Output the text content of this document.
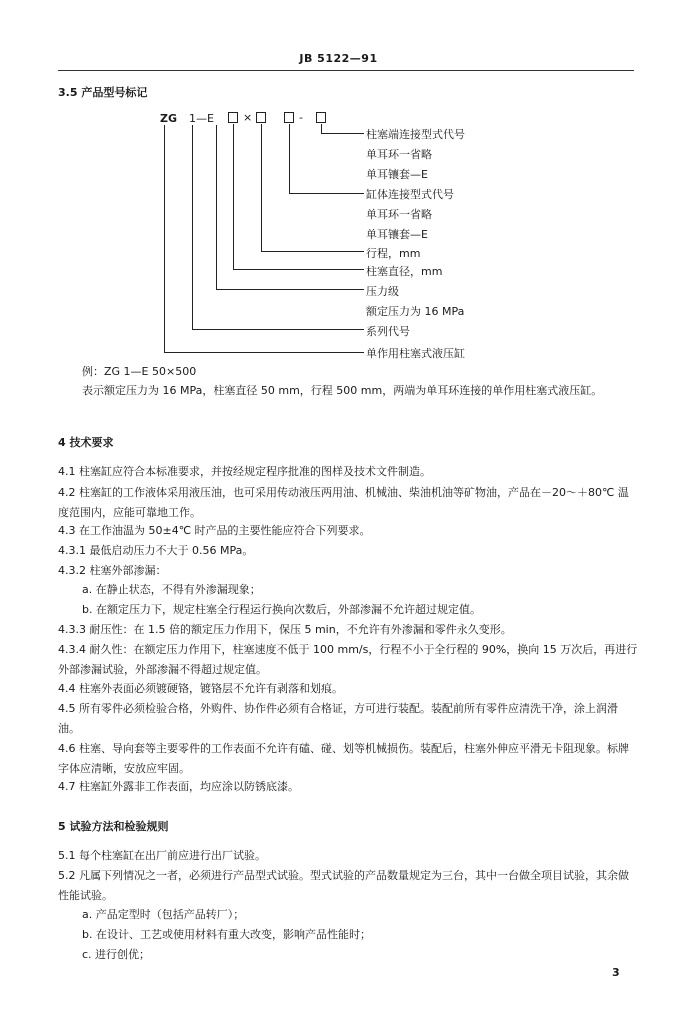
JB 5122—91
3.5 产品型号标记
ZG 1—E	×	-
柱塞端连接型式代号
单耳环一省略
单耳镶套—E
缸体连接型式代号
单耳环一省略
单耳镶套—E
行程，mm
柱塞直径，mm
压力级
额定压力为 16 MPa
系列代号
单作用柱塞式液压缸
例：ZG 1—E 50×500
表示额定压力为 16 MPa，柱塞直径 50 mm，行程 500 mm，两端为单耳环连接的单作用柱塞式液压缸。
4 技术要求
4.1 柱塞缸应符合本标准要求，并按经规定程序批准的图样及技术文件制造。
4.2 柱塞缸的工作液体采用液压油，也可采用传动液压两用油、机械油、柴油机油等矿物油，产品在－20～＋80℃ 温度范围内，应能可靠地工作。
4.3 在工作油温为 50±4℃ 时产品的主要性能应符合下列要求。
4.3.1 最低启动压力不大于 0.56 MPa。
4.3.2 柱塞外部渗漏：
a. 在静止状态，不得有外渗漏现象；
b. 在额定压力下，规定柱塞全行程运行换向次数后，外部渗漏不允许超过规定值。
4.3.3 耐压性：在 1.5 倍的额定压力作用下，保压 5 min，不允许有外渗漏和零件永久变形。
4.3.4 耐久性：在额定压力作用下，柱塞速度不低于 100 mm/s，行程不小于全行程的 90%，换向 15 万次后，再进行外部渗漏试验，外部渗漏不得超过规定值。
4.4 柱塞外表面必须镀硬铬，镀铬层不允许有剥落和划痕。
4.5 所有零件必须检验合格，外购件、协作件必须有合格证，方可进行装配。装配前所有零件应清洗干净，涂上润滑油。
4.6 柱塞、导向套等主要零件的工作表面不允许有磕、碰、划等机械损伤。装配后，柱塞外伸应平滑无卡阻现象。标牌字体应清晰，安放应牢固。
4.7 柱塞缸外露非工作表面，均应涂以防锈底漆。
5 试验方法和检验规则
5.1 每个柱塞缸在出厂前应进行出厂试验。
5.2 凡属下列情况之一者，必须进行产品型式试验。型式试验的产品数量规定为三台，其中一台做全项目试验，其余做性能试验。
a. 产品定型时（包括产品转厂）；
b. 在设计、工艺或使用材料有重大改变，影响产品性能时；
c. 进行创优；
3
